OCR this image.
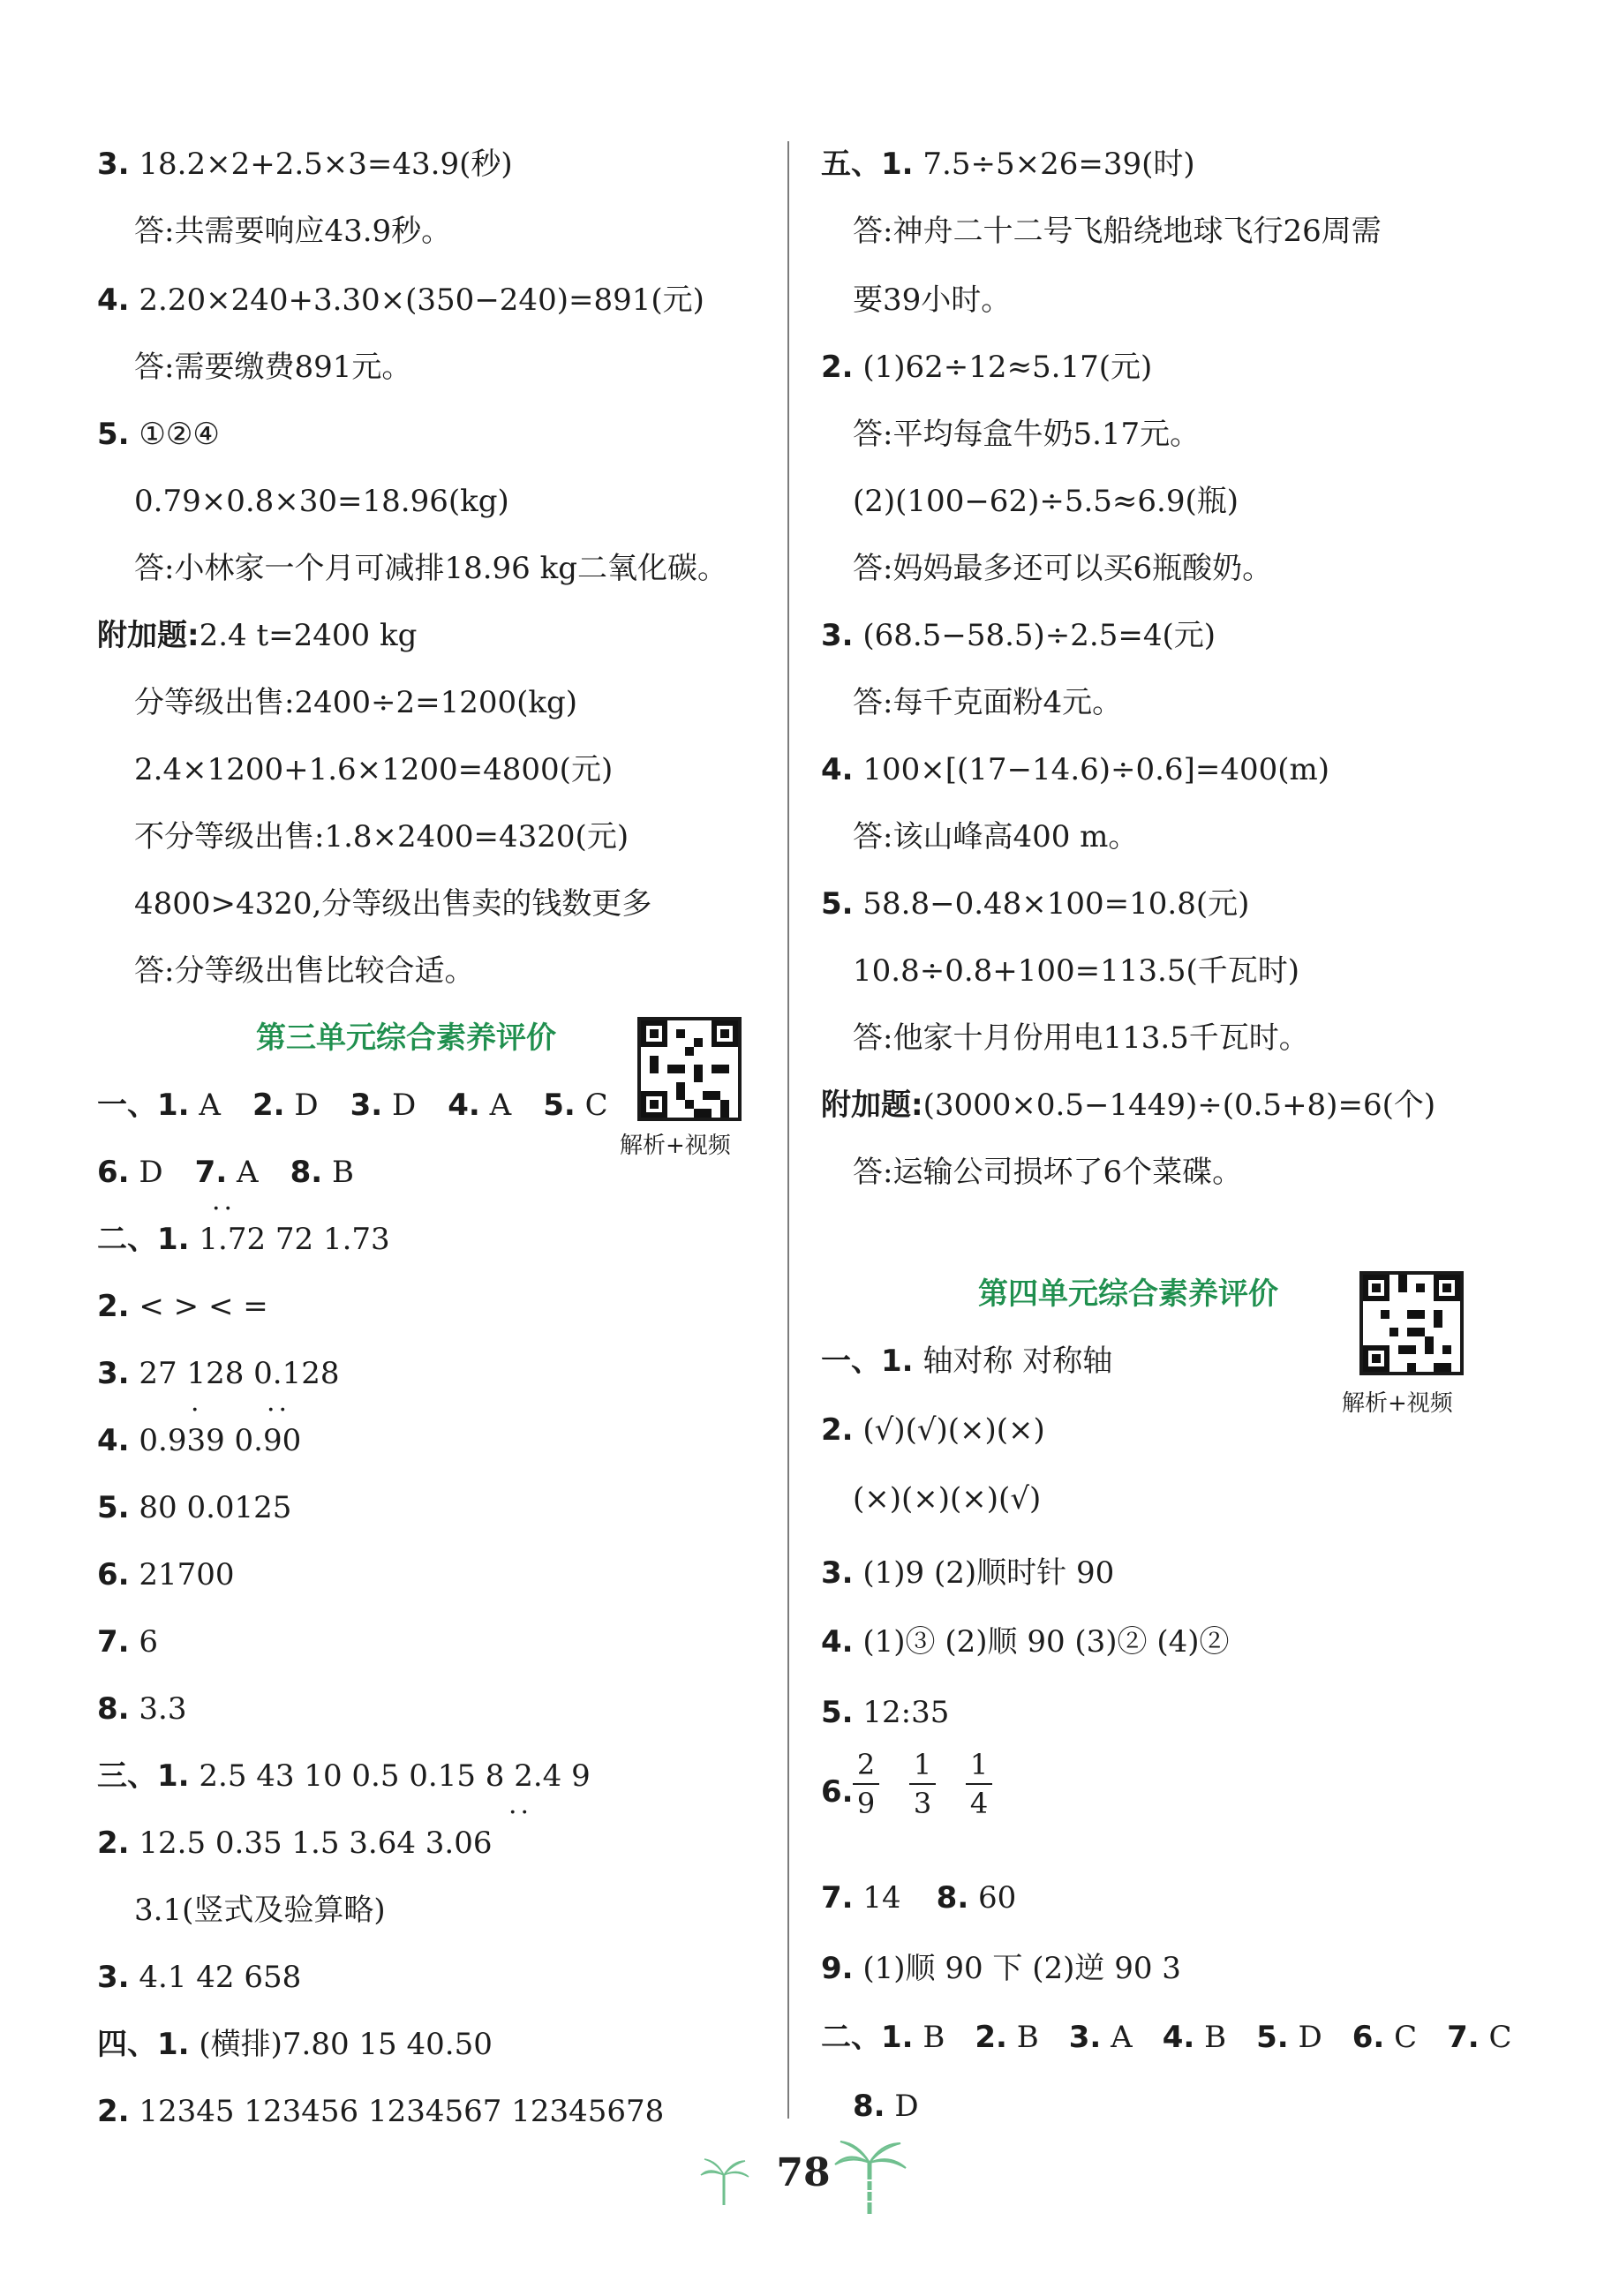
3. 18.2×2+2.5×3=43.9(秒)
答:共需要响应43.9秒。
4. 2.20×240+3.30×(350−240)=891(元)
答:需要缴费891元。
5. ①②④
0.79×0.8×30=18.96(kg)
答:小林家一个月可减排18.96 kg二氧化碳。
附加题:2.4 t=2400 kg
分等级出售:2400÷2=1200(kg)
2.4×1200+1.6×1200=4800(元)
不分等级出售:1.8×2400=4320(元)
4800>4320,分等级出售卖的钱数更多
答:分等级出售比较合适。
第三单元综合素养评价
解析+视频
一、1. A 2. D 3. D 4. A 5. C
6. D 7. A 8. B
··
二、1. 1.72 72 1.73
2. < > < =
3. 27 128 0.128
· ··
4. 0.939 0.90
5. 80 0.0125
6. 21700
7. 6
8. 3.3
三、1. 2.5 43 10 0.5 0.15 8 2.4 9
··
2. 12.5 0.35 1.5 3.64 3.06
3.1(竖式及验算略)
3. 4.1 42 658
四、1. (横排)7.80 15 40.50
2. 12345 123456 1234567 12345678
五、1. 7.5÷5×26=39(时)
答:神舟二十二号飞船绕地球飞行26周需
要39小时。
2. (1)62÷12≈5.17(元)
答:平均每盒牛奶5.17元。
(2)(100−62)÷5.5≈6.9(瓶)
答:妈妈最多还可以买6瓶酸奶。
3. (68.5−58.5)÷2.5=4(元)
答:每千克面粉4元。
4. 100×[(17−14.6)÷0.6]=400(m)
答:该山峰高400 m。
5. 58.8−0.48×100=10.8(元)
10.8÷0.8+100=113.5(千瓦时)
答:他家十月份用电113.5千瓦时。
附加题:(3000×0.5−1449)÷(0.5+8)=6(个)
答:运输公司损坏了6个菜碟。
第四单元综合素养评价
解析+视频
一、1. 轴对称 对称轴
2. (√)(√)(×)(×)
(×)(×)(×)(√)
3. (1)9 (2)顺时针 90
4. (1)③ (2)顺 90 (3)② (4)②
5. 12:35
6.
2
9
1
3
1
4
7. 14 8. 60
9. (1)顺 90 下 (2)逆 90 3
二、1. B 2. B 3. A 4. B 5. D 6. C 7. C
8. D
78
